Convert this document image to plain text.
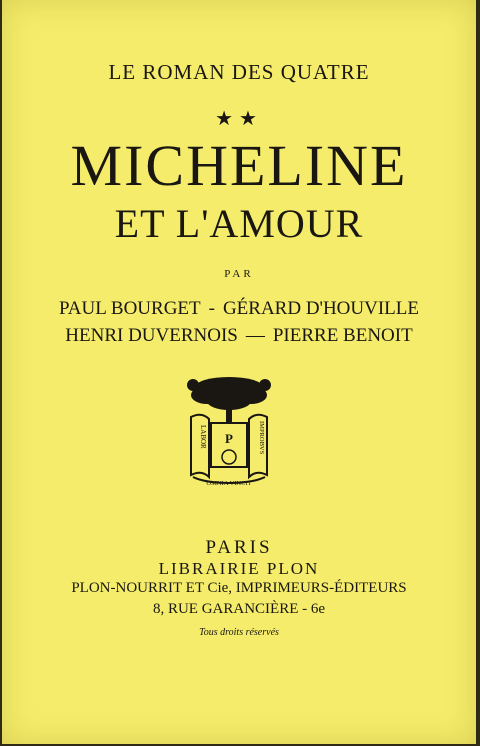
LE ROMAN DES QUATRE
★★
MICHELINE
ET L'AMOUR
PAR
PAUL BOURGET - GÉRARD D'HOUVILLE
HENRI DUVERNOIS — PIERRE BENOIT
P
LABOR	IMPROBVS
OMNIA VINCIT
PARIS
LIBRAIRIE PLON
PLON-NOURRIT ET Cie, IMPRIMEURS-ÉDITEURS
8, RUE GARANCIÈRE - 6e
Tous droits réservés
